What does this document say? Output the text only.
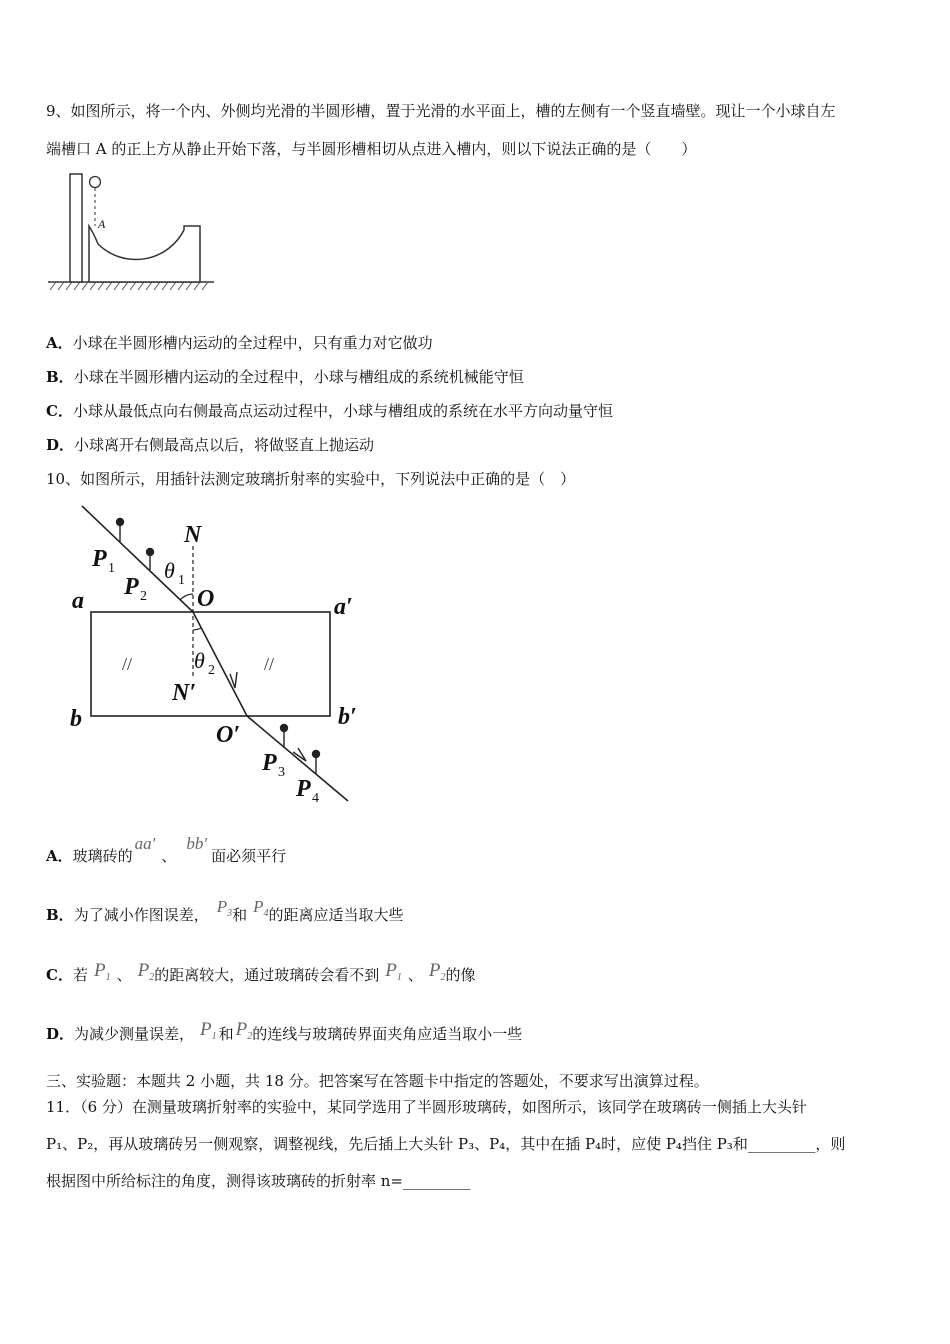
9、如图所示，将一个内、外侧均光滑的半圆形槽，置于光滑的水平面上，槽的左侧有一个竖直墙壁。现让一个小球自左
端槽口 A 的正上方从静止开始下落，与半圆形槽相切从点进入槽内，则以下说法正确的是（　　）
A
A．小球在半圆形槽内运动的全过程中，只有重力对它做功
B．小球在半圆形槽内运动的全过程中，小球与槽组成的系统机械能守恒
C．小球从最低点向右侧最高点运动过程中，小球与槽组成的系统在水平方向动量守恒
D．小球离开右侧最高点以后，将做竖直上抛运动
10、如图所示，用插针法测定玻璃折射率的实验中，下列说法中正确的是（　）
N
O
a	a′
b	b′
N′
O′
θ 1
θ 2
P 1
P 2
P 3
P 4
//	//
A．玻璃砖的aa′、bb′面必须平行
B．为了减小作图误差， $P^3$和 $P^4$的距离应适当取大些
C．若 P1 、 P2的距离较大，通过玻璃砖会看不到 P1 、 P2的像
D．为减少测量误差， P1 和 P2的连线与玻璃砖界面夹角应适当取小一些
三、实验题：本题共 2 小题，共 18 分。把答案写在答题卡中指定的答题处，不要求写出演算过程。
11．（6 分）在测量玻璃折射率的实验中，某同学选用了半圆形玻璃砖，如图所示，该同学在玻璃砖一侧插上大头针
P₁、P₂，再从玻璃砖另一侧观察，调整视线，先后插上大头针 P₃、P₄，其中在插 P₄时，应使 P₄挡住 P₃和_________，则
根据图中所给标注的角度，测得该玻璃砖的折射率 n=_________
